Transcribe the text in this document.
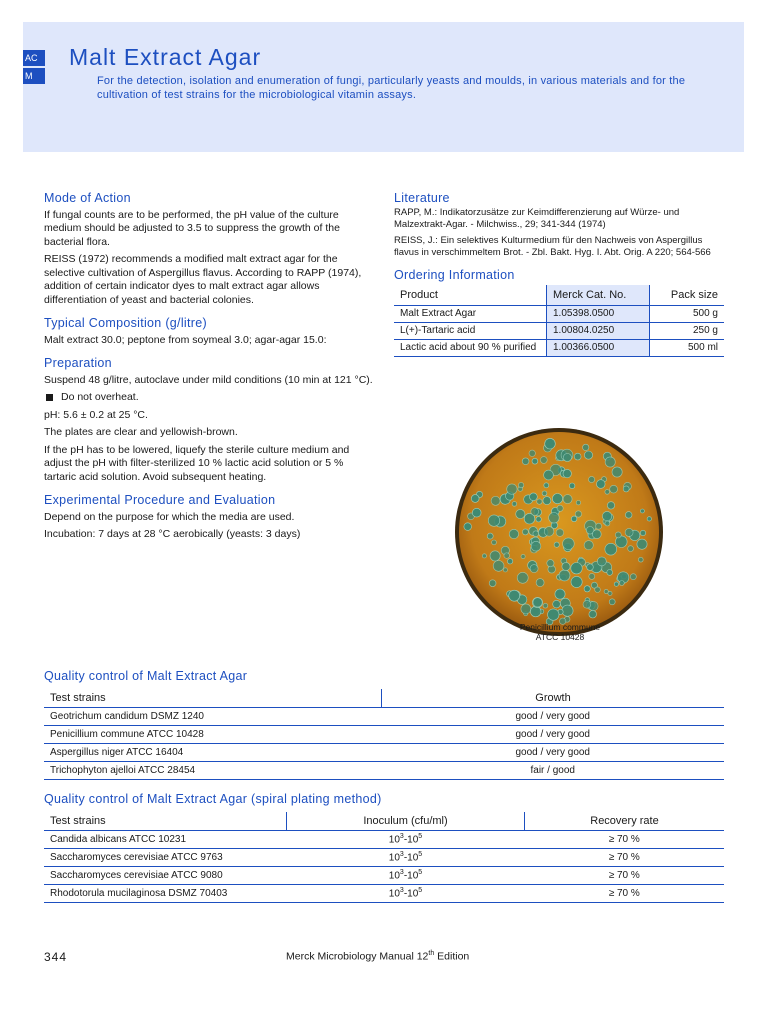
AC
M
Malt Extract Agar
For the detection, isolation and enumeration of fungi, particularly yeasts and moulds, in various materials and for the cultivation of test strains for the microbiological vitamin assays.
Mode of Action

If fungal counts are to be performed, the pH value of the culture medium should be adjusted to 3.5 to suppress the growth of the bacterial flora.

REISS (1972) recommends a modified malt extract agar for the selective cultivation of Aspergillus flavus. According to RAPP (1974), addition of certain indicator dyes to malt extract agar allows differentiation of yeast and bacterial colonies.

Typical Composition (g/litre)

Malt extract 30.0; peptone from soymeal 3.0; agar-agar 15.0:

Preparation

Suspend 48 g/litre, autoclave under mild conditions (10 min at 121 °C).

Do not overheat.

pH: 5.6 ± 0.2 at 25 °C.

The plates are clear and yellowish-brown.

If the pH has to be lowered, liquefy the sterile culture medium and adjust the pH with filter-sterilized 10 % lactic acid solution or 5 % tartaric acid solution. Avoid subsequent heating.

Experimental Procedure and Evaluation

Depend on the purpose for which the media are used.

Incubation: 7 days at 28 °C aerobically (yeasts: 3 days)

Literature

RAPP, M.: Indikatorzusätze zur Keimdifferenzierung auf Würze- und Malzextrakt-Agar. - Milchwiss., 29; 341-344 (1974)

REISS, J.: Ein selektives Kulturmedium für den Nachweis von Aspergillus flavus in verschimmeltem Brot. - Zbl. Bakt. Hyg. I. Abt. Orig. A 220; 564-566

Ordering Information
Product	Merck Cat. No.	Pack size
Malt Extract Agar	1.05398.0500	500 g
L(+)-Tartaric acid	1.00804.0250	250 g
Lactic acid about 90 % purified	1.00366.0500	500 ml
Penicillium commune
ATCC 10428
Quality control of Malt Extract Agar
Test strains	Growth
Geotrichum candidum DSMZ 1240	good / very good
Penicillium commune ATCC 10428	good / very good
Aspergillus niger ATCC 16404	good / very good
Trichophyton ajelloi ATCC 28454	fair / good
Quality control of Malt Extract Agar (spiral plating method)
Test strains	Inoculum (cfu/ml)	Recovery rate
Candida albicans ATCC 10231	$10^3-10^5$	≥ 70 %
Saccharomyces cerevisiae ATCC 9763	$10^3-10^5$	≥ 70 %
Saccharomyces cerevisiae ATCC 9080	$10^3-10^5$	≥ 70 %
Rhodotorula mucilaginosa DSMZ 70403	$10^3-10^5$	≥ 70 %
344	Merck Microbiology Manual 12th Edition
